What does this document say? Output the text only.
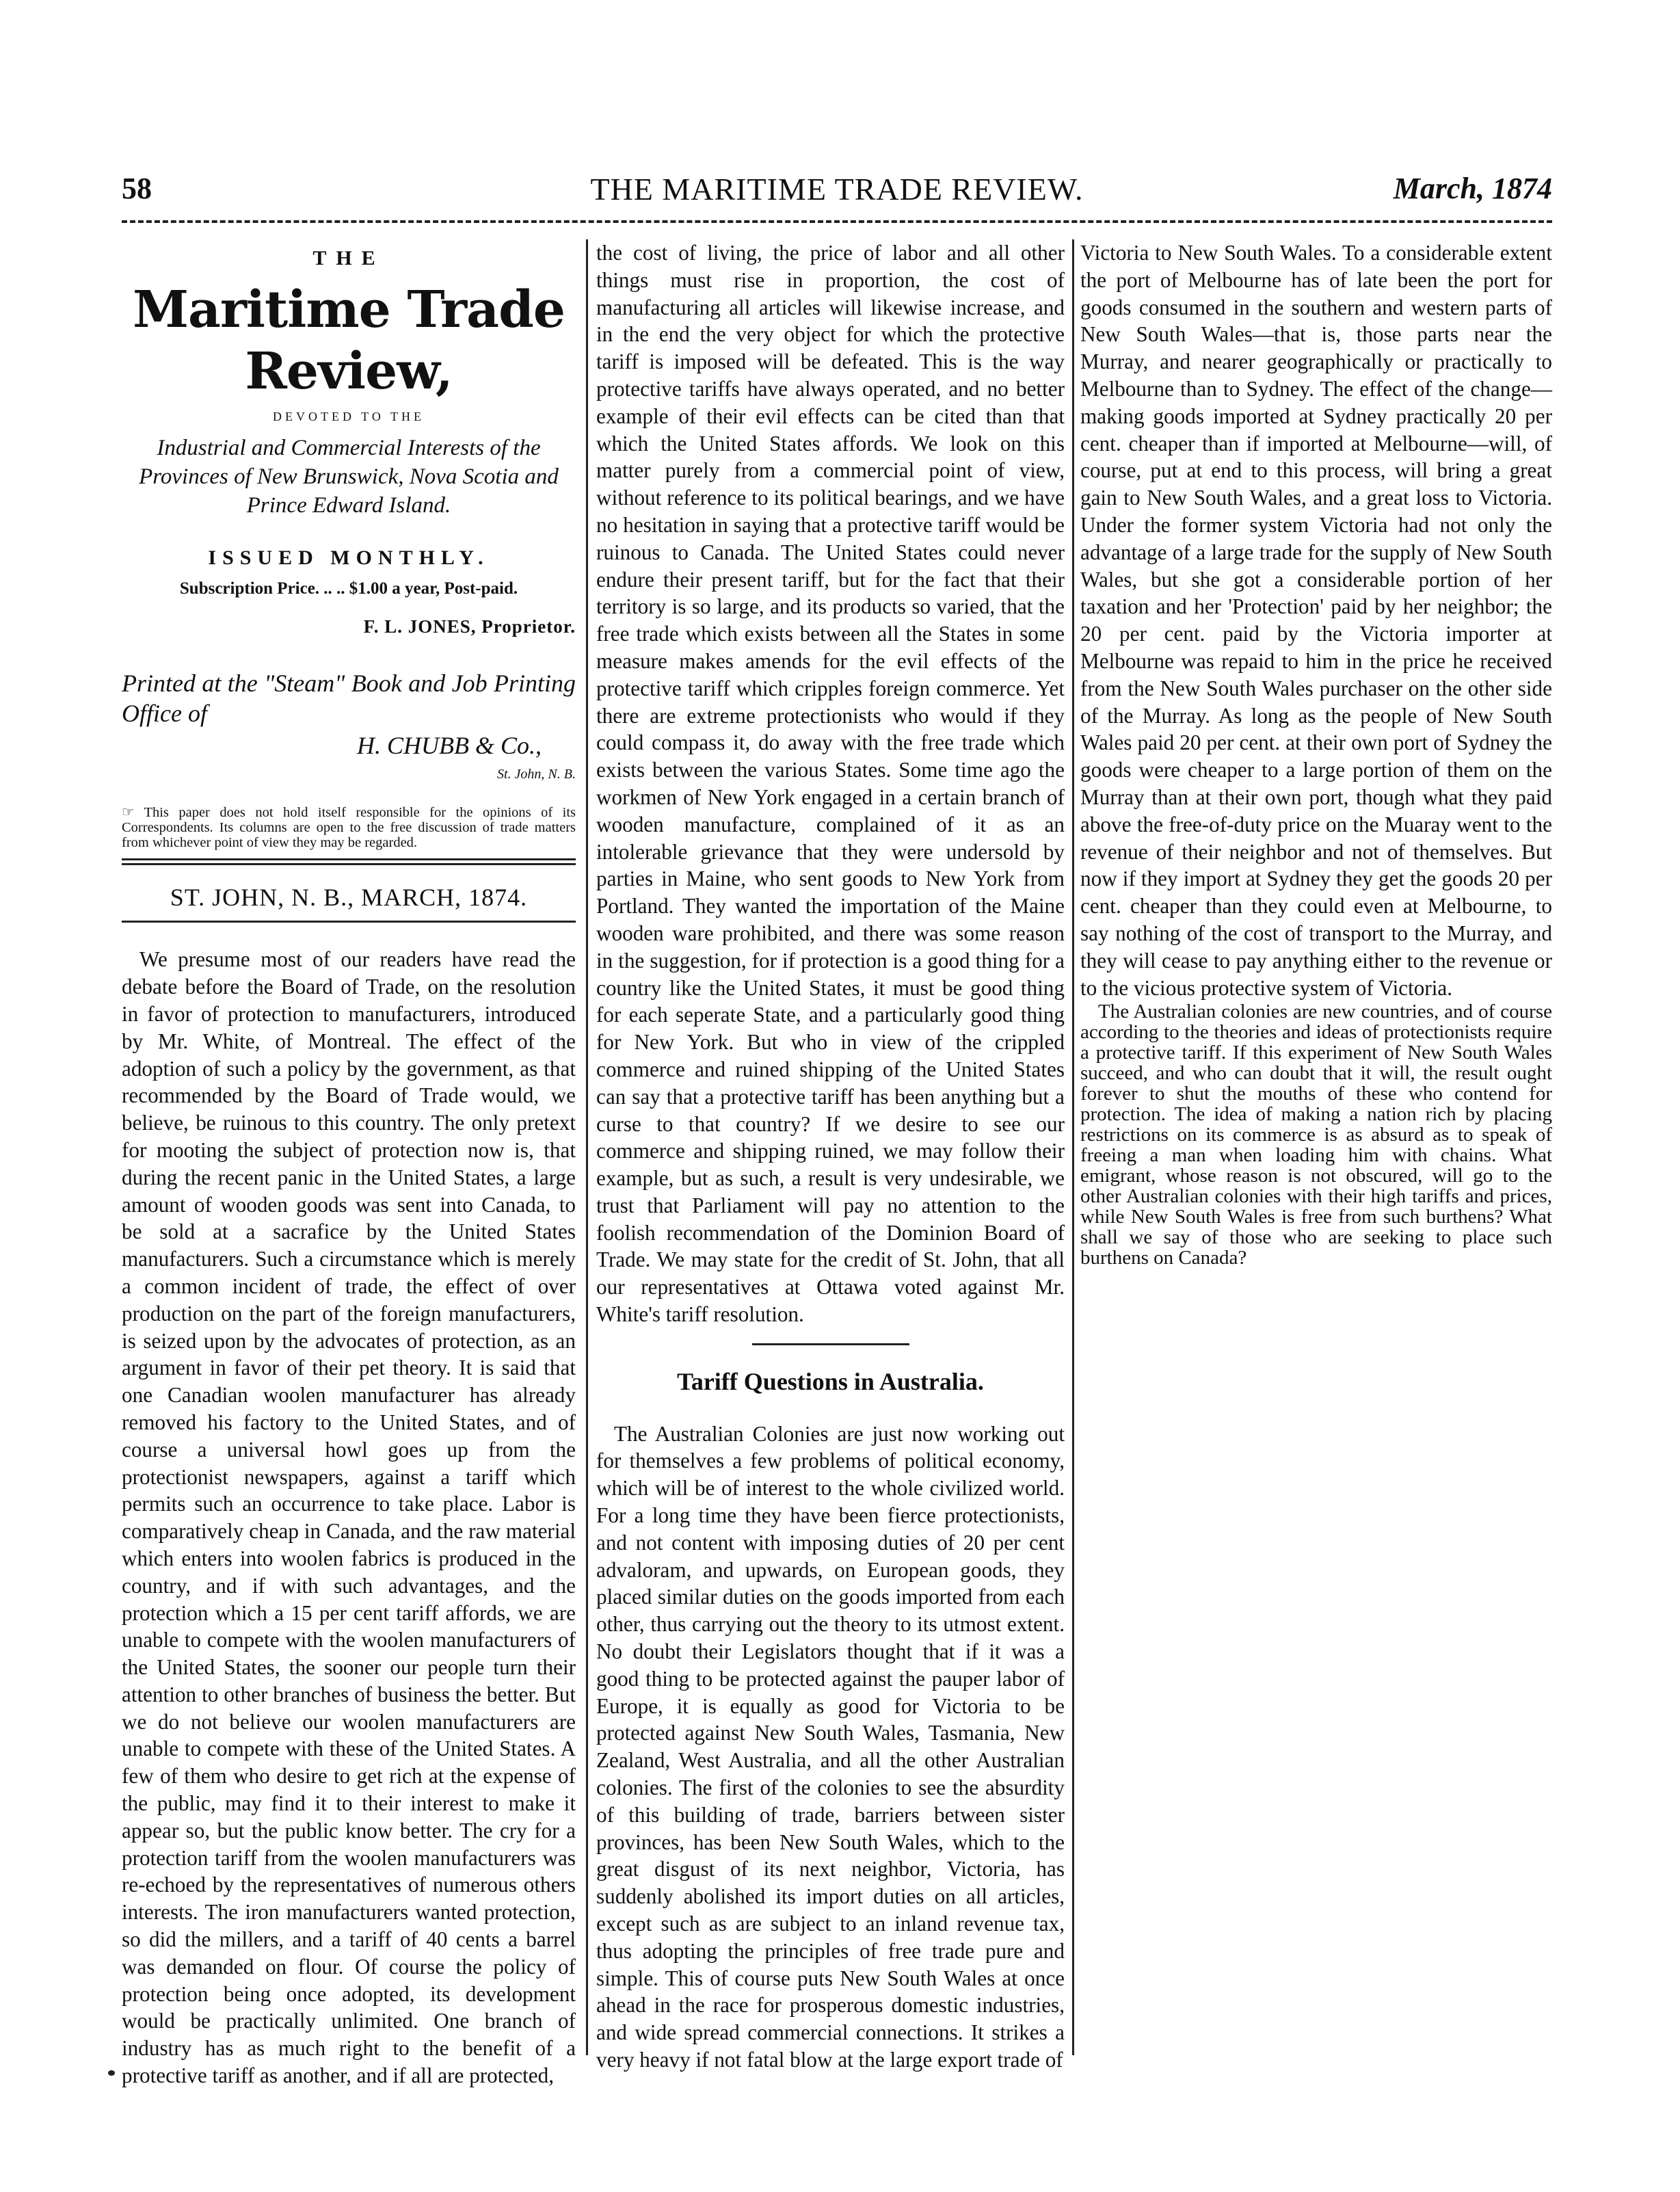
58	THE MARITIME TRADE REVIEW.	March, 1874
THE
Maritime Trade Review,
DEVOTED TO THE
Industrial and Commercial Interests of the Provinces of New Brunswick, Nova Scotia and Prince Edward Island.
ISSUED MONTHLY.
Subscription Price. .. .. $1.00 a year, Post-paid.
F. L. JONES, Proprietor.
Printed at the "Steam" Book and Job Printing Office of
H. CHUBB & Co.,
St. John, N. B.
☞ This paper does not hold itself responsible for the opinions of its Correspondents. Its columns are open to the free discussion of trade matters from whichever point of view they may be regarded.
ST. JOHN, N. B., MARCH, 1874.

We presume most of our readers have read the debate before the Board of Trade, on the resolution in favor of protection to manufacturers, introduced by Mr. White, of Montreal. The effect of the adoption of such a policy by the government, as that recommended by the Board of Trade would, we believe, be ruinous to this country. The only pretext for mooting the subject of protection now is, that during the recent panic in the United States, a large amount of wooden goods was sent into Canada, to be sold at a sacrafice by the United States manufacturers. Such a circumstance which is merely a common incident of trade, the effect of over production on the part of the foreign manufacturers, is seized upon by the advocates of protection, as an argument in favor of their pet theory. It is said that one Canadian woolen manufacturer has already removed his factory to the United States, and of course a universal howl goes up from the protectionist newspapers, against a tariff which permits such an occurrence to take place. Labor is comparatively cheap in Canada, and the raw material which enters into woolen fabrics is produced in the country, and if with such advantages, and the protection which a 15 per cent tariff affords, we are unable to compete with the woolen manufacturers of the United States, the sooner our people turn their attention to other branches of business the better. But we do not believe our woolen manufacturers are unable to compete with these of the United States. A few of them who desire to get rich at the expense of the public, may find it to their interest to make it appear so, but the public know better. The cry for a protection tariff from the woolen manufacturers was re-echoed by the representatives of numerous others interests. The iron manufacturers wanted protection, so did the millers, and a tariff of 40 cents a barrel was demanded on flour. Of course the policy of protection being once adopted, its development would be practically unlimited. One branch of industry has as much right to the benefit of a protective tariff as another, and if all are protected,

the cost of living, the price of labor and all other things must rise in proportion, the cost of manufacturing all articles will likewise increase, and in the end the very object for which the protective tariff is imposed will be defeated. This is the way protective tariffs have always operated, and no better example of their evil effects can be cited than that which the United States affords. We look on this matter purely from a commercial point of view, without reference to its political bearings, and we have no hesitation in saying that a protective tariff would be ruinous to Canada. The United States could never endure their present tariff, but for the fact that their territory is so large, and its products so varied, that the free trade which exists between all the States in some measure makes amends for the evil effects of the protective tariff which cripples foreign commerce. Yet there are extreme protectionists who would if they could compass it, do away with the free trade which exists between the various States. Some time ago the workmen of New York engaged in a certain branch of wooden manufacture, complained of it as an intolerable grievance that they were undersold by parties in Maine, who sent goods to New York from Portland. They wanted the importation of the Maine wooden ware prohibited, and there was some reason in the suggestion, for if protection is a good thing for a country like the United States, it must be good thing for each seperate State, and a particularly good thing for New York. But who in view of the crippled commerce and ruined shipping of the United States can say that a protective tariff has been anything but a curse to that country? If we desire to see our commerce and shipping ruined, we may follow their example, but as such, a result is very undesirable, we trust that Parliament will pay no attention to the foolish recommendation of the Dominion Board of Trade. We may state for the credit of St. John, that all our representatives at Ottawa voted against Mr. White's tariff resolution.

Tariff Questions in Australia.

The Australian Colonies are just now working out for themselves a few problems of political economy, which will be of interest to the whole civilized world. For a long time they have been fierce protectionists, and not content with imposing duties of 20 per cent advaloram, and upwards, on European goods, they placed similar duties on the goods imported from each other, thus carrying out the theory to its utmost extent. No doubt their Legislators thought that if it was a good thing to be protected against the pauper labor of Europe, it is equally as good for Victoria to be protected against New South Wales, Tasmania, New Zealand, West Australia, and all the other Australian colonies. The first of the colonies to see the absurdity of this building of trade, barriers between sister provinces, has been New South Wales, which to the great disgust of its next neighbor, Victoria, has suddenly abolished its import duties on all articles, except such as are subject to an inland revenue tax, thus adopting the principles of free trade pure and simple. This of course puts New South Wales at once ahead in the race for prosperous domestic industries, and wide spread commercial connections. It strikes a very heavy if not fatal blow at the large export trade of

Victoria to New South Wales. To a considerable extent the port of Melbourne has of late been the port for goods consumed in the southern and western parts of New South Wales—that is, those parts near the Murray, and nearer geographically or practically to Melbourne than to Sydney. The effect of the change—making goods imported at Sydney practically 20 per cent. cheaper than if imported at Melbourne—will, of course, put at end to this process, will bring a great gain to New South Wales, and a great loss to Victoria. Under the former system Victoria had not only the advantage of a large trade for the supply of New South Wales, but she got a considerable portion of her taxation and her 'Protection' paid by her neighbor; the 20 per cent. paid by the Victoria importer at Melbourne was repaid to him in the price he received from the New South Wales purchaser on the other side of the Murray. As long as the people of New South Wales paid 20 per cent. at their own port of Sydney the goods were cheaper to a large portion of them on the Murray than at their own port, though what they paid above the free-of-duty price on the Muaray went to the revenue of their neighbor and not of themselves. But now if they import at Sydney they get the goods 20 per cent. cheaper than they could even at Melbourne, to say nothing of the cost of transport to the Murray, and they will cease to pay anything either to the revenue or to the vicious protective system of Victoria.

The Australian colonies are new countries, and of course according to the theories and ideas of protectionists require a protective tariff. If this experiment of New South Wales succeed, and who can doubt that it will, the result ought forever to shut the mouths of these who contend for protection. The idea of making a nation rich by placing restrictions on its commerce is as absurd as to speak of freeing a man when loading him with chains. What emigrant, whose reason is not obscured, will go to the other Australian colonies with their high tariffs and prices, while New South Wales is free from such burthens? What shall we say of those who are seeking to place such burthens on Canada?
